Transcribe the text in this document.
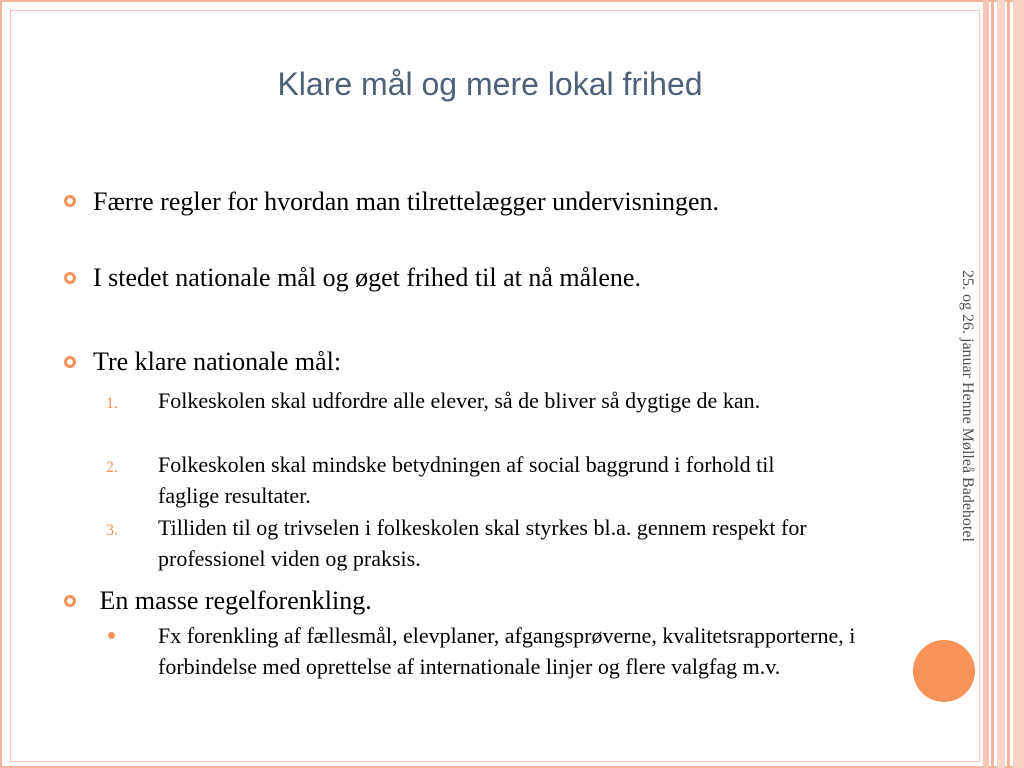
Klare mål og mere lokal frihed
Færre regler for hvordan man tilrettelægger undervisningen.
I stedet nationale mål og øget frihed til at nå målene.
Tre klare nationale mål:
1. Folkeskolen skal udfordre alle elever, så de bliver så dygtige de kan.
2. Folkeskolen skal mindske betydningen af social baggrund i forhold til faglige resultater.
3. Tilliden til og trivselen i folkeskolen skal styrkes bl.a. gennem respekt for professionel viden og praksis.
En masse regelforenkling.
Fx forenkling af fællesmål, elevplaner, afgangsprøverne, kvalitetsrapporterne, i forbindelse med oprettelse af internationale linjer og flere valgfag m.v.
25. og 26. januar Henne Mølleå Badehotel
